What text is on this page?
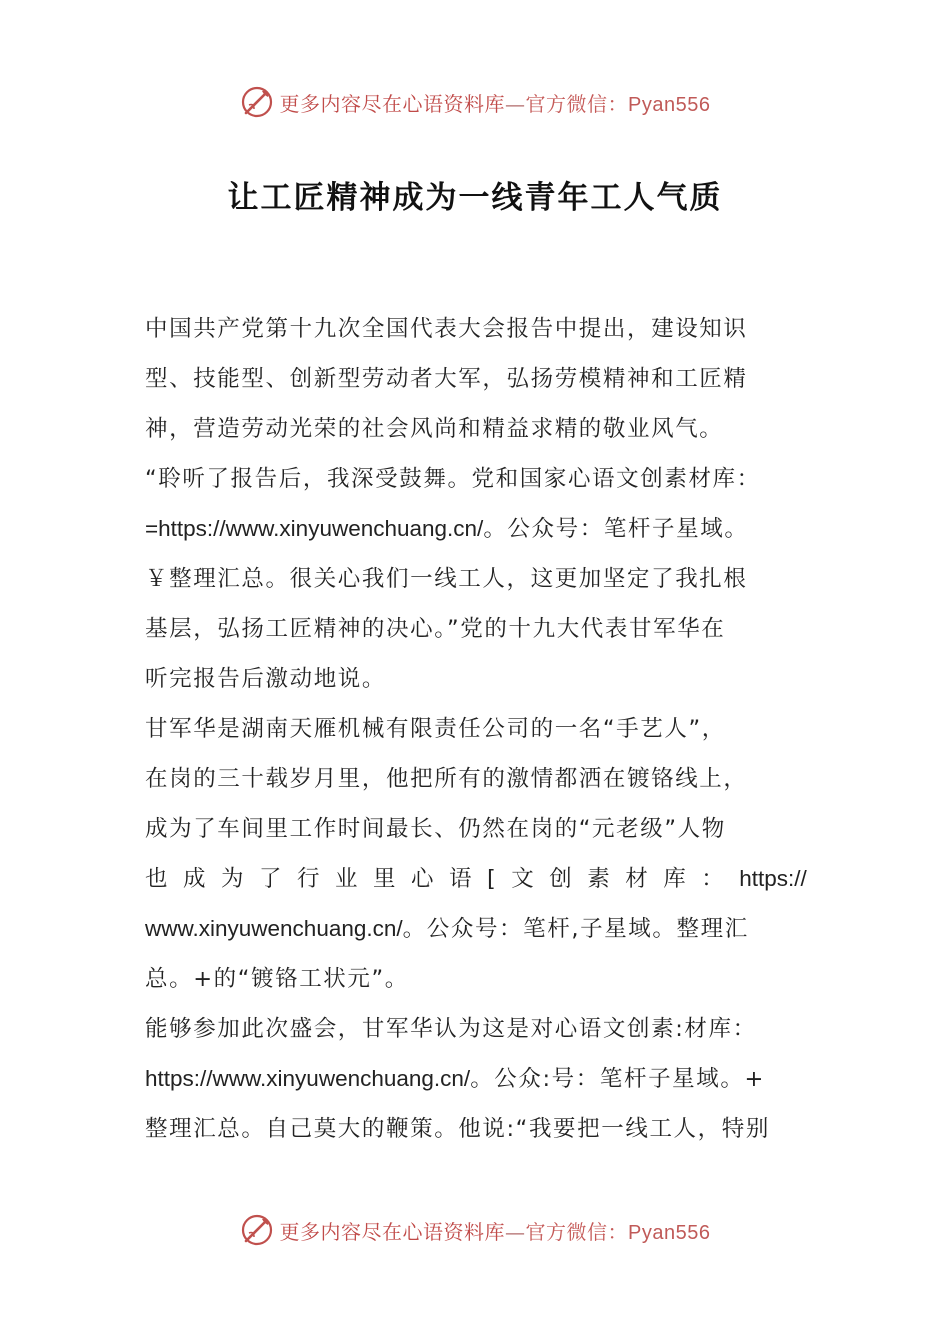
更多内容尽在心语资料库—官方微信：Pyan556
让工匠精神成为一线青年工人气质
中国共产党第十九次全国代表大会报告中提出，建设知识
型、技能型、创新型劳动者大军，弘扬劳模精神和工匠精
神，营造劳动光荣的社会风尚和精益求精的敬业风气。
“聆听了报告后，我深受鼓舞。党和国家心语文创素材库：
=https://www.xinyuwenchuang.cn/。公众号：笔杆子星域。
￥整理汇总。很关心我们一线工人，这更加坚定了我扎根
基层，弘扬工匠精神的决心。”党的十九大代表甘军华在
听完报告后激动地说。
甘军华是湖南天雁机械有限责任公司的一名“手艺人”，
在岗的三十载岁月里，他把所有的激情都洒在镀铬线上，
成为了车间里工作时间最长、仍然在岗的“元老级”人物
也 成 为 了 行 业 里 心 语 [ 文 创 素 材 库 ： https://
www.xinyuwenchuang.cn/。公众号：笔杆,子星域。整理汇
总。+的“镀铬工状元”。
能够参加此次盛会，甘军华认为这是对心语文创素:材库：
https://www.xinyuwenchuang.cn/。公众:号：笔杆子星域。+
整理汇总。自己莫大的鞭策。他说:“我要把一线工人，特别
更多内容尽在心语资料库—官方微信：Pyan556
